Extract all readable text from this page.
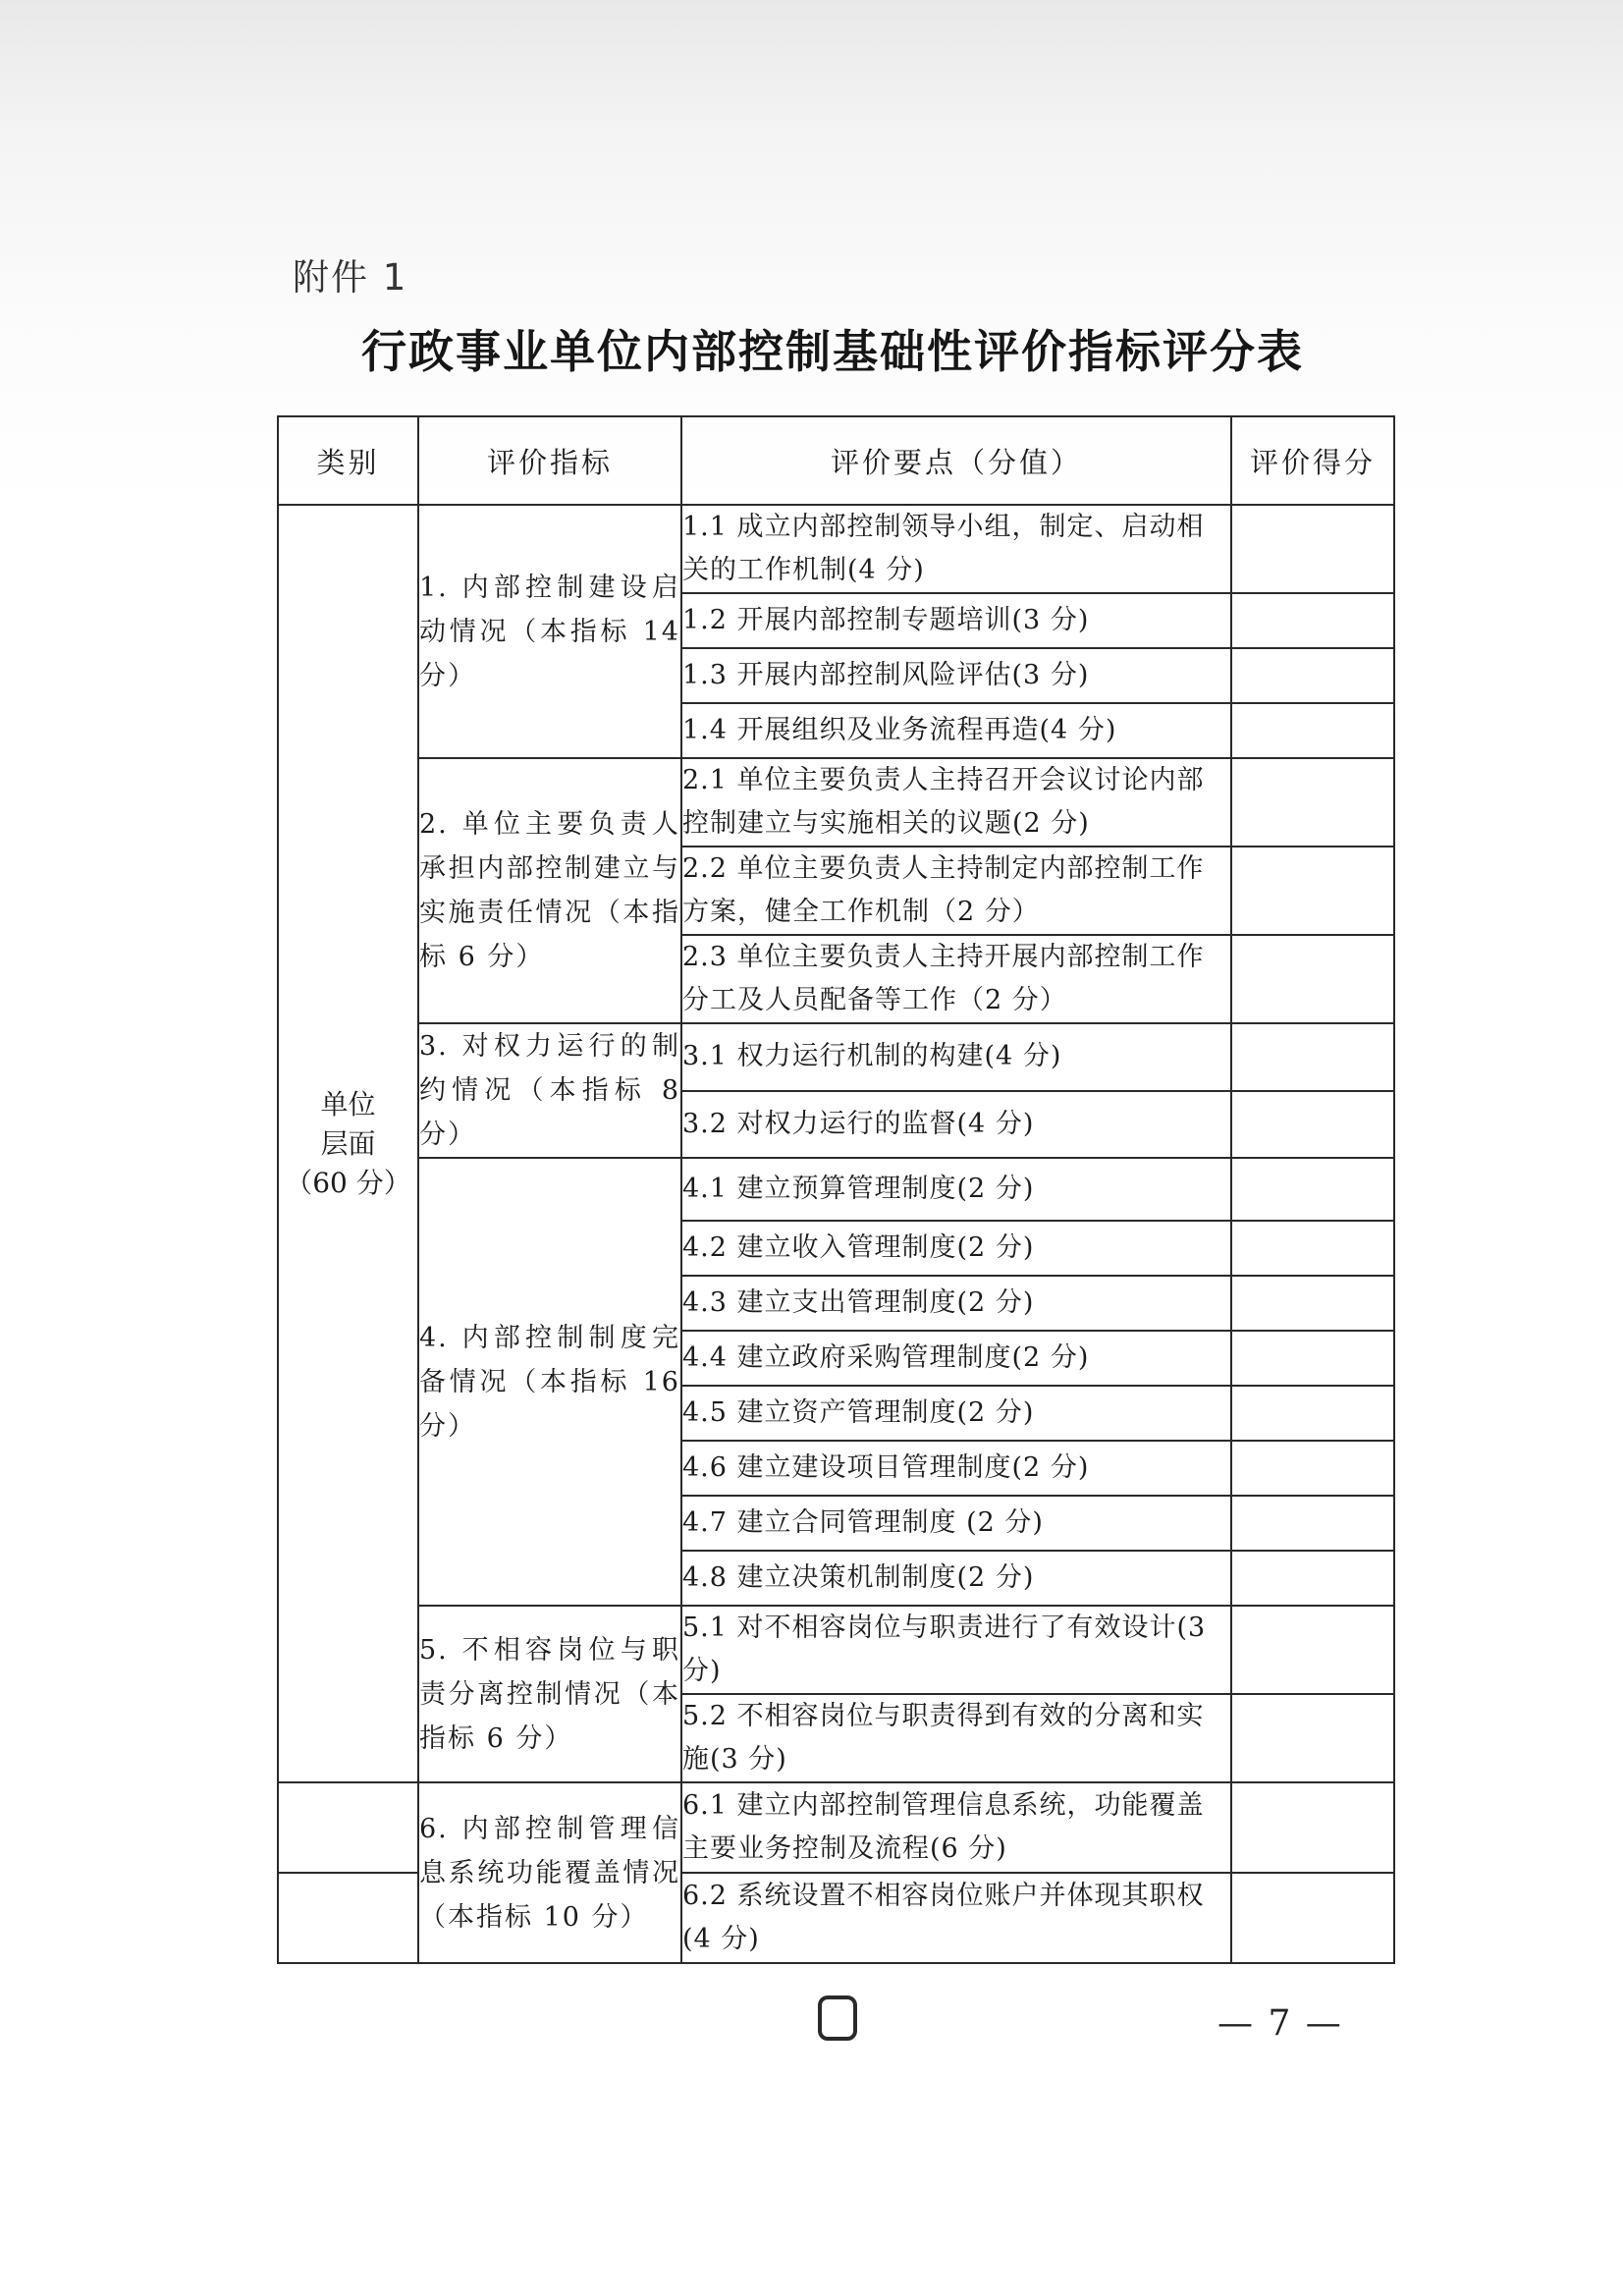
附件 1
行政事业单位内部控制基础性评价指标评分表
类别	评价指标	评价要点（分值）	评价得分

单位
层面
（60 分）	1. 内部控制建设启动情况（本指标 14 分）	1.1 成立内部控制领导小组，制定、启动相关的工作机制(4 分)	
		1.2 开展内部控制专题培训(3 分)	
		1.3 开展内部控制风险评估(3 分)	
		1.4 开展组织及业务流程再造(4 分)	
	2. 单位主要负责人承担内部控制建立与实施责任情况（本指标 6 分）	2.1 单位主要负责人主持召开会议讨论内部控制建立与实施相关的议题(2 分)	
		2.2 单位主要负责人主持制定内部控制工作方案，健全工作机制（2 分）	
		2.3 单位主要负责人主持开展内部控制工作分工及人员配备等工作（2 分）	
	3. 对权力运行的制约情况（本指标 8 分）	3.1 权力运行机制的构建(4 分)	
		3.2 对权力运行的监督(4 分)	
	4. 内部控制制度完备情况（本指标 16 分）	4.1 建立预算管理制度(2 分)	
		4.2 建立收入管理制度(2 分)	
		4.3 建立支出管理制度(2 分)	
		4.4 建立政府采购管理制度(2 分)	
		4.5 建立资产管理制度(2 分)	
		4.6 建立建设项目管理制度(2 分)	
		4.7 建立合同管理制度 (2 分)	
		4.8 建立决策机制制度(2 分)	
	5. 不相容岗位与职责分离控制情况（本指标 6 分）	5.1 对不相容岗位与职责进行了有效设计(3 分)	
		5.2 不相容岗位与职责得到有效的分离和实施(3 分)	
	6. 内部控制管理信息系统功能覆盖情况（本指标 10 分）	6.1 建立内部控制管理信息系统，功能覆盖主要业务控制及流程(6 分)	
		6.2 系统设置不相容岗位账户并体现其职权(4 分)	
— 7 —
